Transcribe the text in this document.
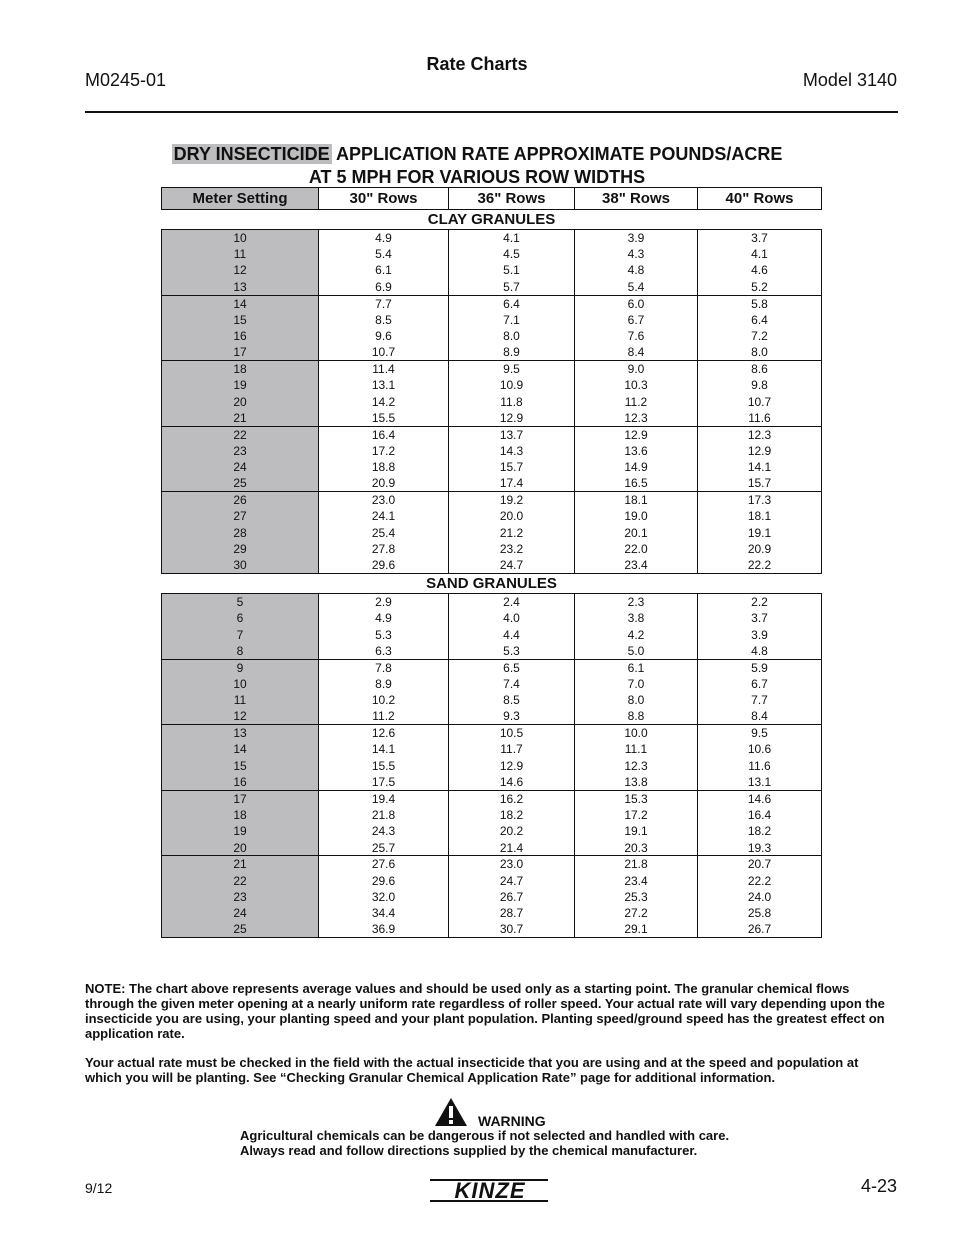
M0245-01
Rate Charts
Model 3140
DRY INSECTICIDE APPLICATION RATE APPROXIMATE POUNDS/ACRE
AT 5 MPH FOR VARIOUS ROW WIDTHS
Meter Setting	30" Rows	36" Rows	38" Rows	40" Rows
CLAY GRANULES				
10	4.9	4.1	3.9	3.7
11	5.4	4.5	4.3	4.1
12	6.1	5.1	4.8	4.6
13	6.9	5.7	5.4	5.2
14	7.7	6.4	6.0	5.8
15	8.5	7.1	6.7	6.4
16	9.6	8.0	7.6	7.2
17	10.7	8.9	8.4	8.0
18	11.4	9.5	9.0	8.6
19	13.1	10.9	10.3	9.8
20	14.2	11.8	11.2	10.7
21	15.5	12.9	12.3	11.6
22	16.4	13.7	12.9	12.3
23	17.2	14.3	13.6	12.9
24	18.8	15.7	14.9	14.1
25	20.9	17.4	16.5	15.7
26	23.0	19.2	18.1	17.3
27	24.1	20.0	19.0	18.1
28	25.4	21.2	20.1	19.1
29	27.8	23.2	22.0	20.9
30	29.6	24.7	23.4	22.2
SAND GRANULES				
5	2.9	2.4	2.3	2.2
6	4.9	4.0	3.8	3.7
7	5.3	4.4	4.2	3.9
8	6.3	5.3	5.0	4.8
9	7.8	6.5	6.1	5.9
10	8.9	7.4	7.0	6.7
11	10.2	8.5	8.0	7.7
12	11.2	9.3	8.8	8.4
13	12.6	10.5	10.0	9.5
14	14.1	11.7	11.1	10.6
15	15.5	12.9	12.3	11.6
16	17.5	14.6	13.8	13.1
17	19.4	16.2	15.3	14.6
18	21.8	18.2	17.2	16.4
19	24.3	20.2	19.1	18.2
20	25.7	21.4	20.3	19.3
21	27.6	23.0	21.8	20.7
22	29.6	24.7	23.4	22.2
23	32.0	26.7	25.3	24.0
24	34.4	28.7	27.2	25.8
25	36.9	30.7	29.1	26.7
NOTE: The chart above represents average values and should be used only as a starting point. The granular chemical flows through the given meter opening at a nearly uniform rate regardless of roller speed. Your actual rate will vary depending upon the insecticide you are using, your planting speed and your plant population. Planting speed/ground speed has the greatest effect on application rate.
Your actual rate must be checked in the field with the actual insecticide that you are using and at the speed and population at which you will be planting. See “Checking Granular Chemical Application Rate” page for additional information.
WARNING
Agricultural chemicals can be dangerous if not selected and handled with care.
Always read and follow directions supplied by the chemical manufacturer.
9/12	KINZE	4-23
